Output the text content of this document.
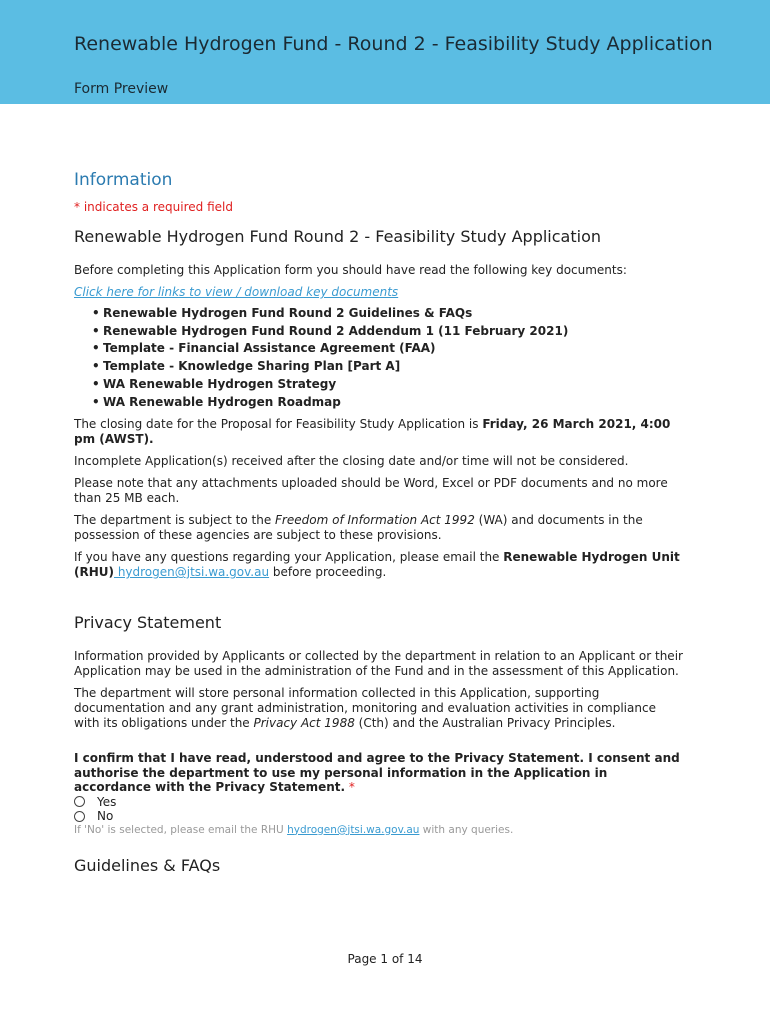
Renewable Hydrogen Fund - Round 2 - Feasibility Study Application
Form Preview
Information
* indicates a required field
Renewable Hydrogen Fund Round 2 - Feasibility Study Application

Before completing this Application form you should have read the following key documents:

Click here for links to view / download key documents
• Renewable Hydrogen Fund Round 2 Guidelines & FAQs
• Renewable Hydrogen Fund Round 2 Addendum 1 (11 February 2021)
• Template - Financial Assistance Agreement (FAA)
• Template - Knowledge Sharing Plan [Part A]
• WA Renewable Hydrogen Strategy
• WA Renewable Hydrogen Roadmap

The closing date for the Proposal for Feasibility Study Application is Friday, 26 March 2021, 4:00 pm (AWST).

Incomplete Application(s) received after the closing date and/or time will not be considered.

Please note that any attachments uploaded should be Word, Excel or PDF documents and no more than 25 MB each.

The department is subject to the Freedom of Information Act 1992 (WA) and documents in the possession of these agencies are subject to these provisions.

If you have any questions regarding your Application, please email the Renewable Hydrogen Unit (RHU) hydrogen@jtsi.wa.gov.au before proceeding.

Privacy Statement

Information provided by Applicants or collected by the department in relation to an Applicant or their Application may be used in the administration of the Fund and in the assessment of this Application.

The department will store personal information collected in this Application, supporting documentation and any grant administration, monitoring and evaluation activities in compliance with its obligations under the Privacy Act 1988 (Cth) and the Australian Privacy Principles.

I confirm that I have read, understood and agree to the Privacy Statement. I consent and authorise the department to use my personal information in the Application in accordance with the Privacy Statement. *
Yes
No
If 'No' is selected, please email the RHU hydrogen@jtsi.wa.gov.au with any queries.
Guidelines & FAQs
Page 1 of 14
